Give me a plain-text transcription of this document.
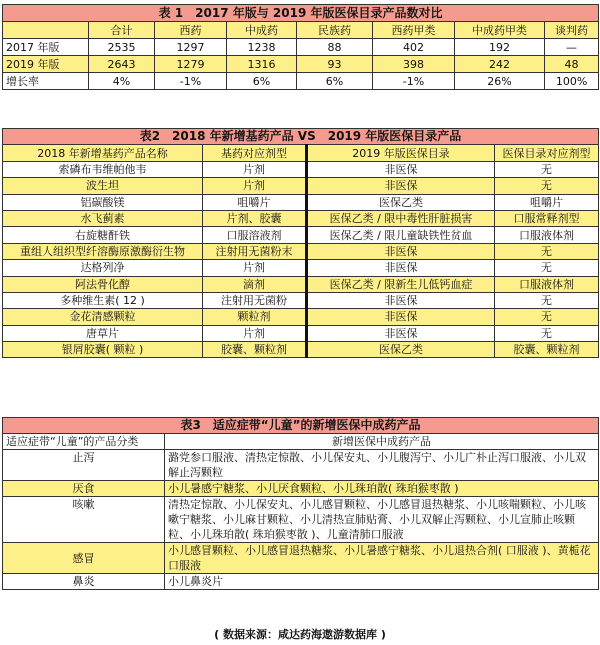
表 1　2017 年版与 2019 年版医保目录产品数对比							
	合计	西药	中成药	民族药	西药甲类	中成药甲类	谈判药
2017 年版	2535	1297	1238	88	402	192	—
2019 年版	2643	1279	1316	93	398	242	48
增长率	4%	-1%	6%	6%	-1%	26%	100%
表2　2018 年新增基药产品 VS　2019 年版医保目录产品			
2018 年新增基药产品名称	基药对应剂型	2019 年版医保目录	医保目录对应剂型
索磷布韦维帕他韦	片剂	非医保	无
波生坦	片剂	非医保	无
铝碳酸镁	咀嚼片	医保乙类	咀嚼片
水飞蓟素	片剂、胶囊	医保乙类 / 限中毒性肝脏损害	口服常释剂型
右旋糖酐铁	口服溶液剂	医保乙类 / 限儿童缺铁性贫血	口服液体剂
重组人组织型纤溶酶原激酶衍生物	注射用无菌粉末	非医保	无
达格列净	片剂	非医保	无
阿法骨化醇	滴剂	医保乙类 / 限新生儿低钙血症	口服液体剂
多种维生素( 12 )	注射用无菌粉	非医保	无
金花清感颗粒	颗粒剂	非医保	无
唐草片	片剂	非医保	无
银屑胶囊( 颗粒 )	胶囊、颗粒剂	医保乙类	胶囊、颗粒剂
表3　适应症带“儿童”的新增医保中成药产品	
适应症带“儿童”的产品分类	新增医保中成药产品
止泻	潞党参口服液、清热定惊散、小儿保安丸、小儿腹泻宁、小儿广朴止泻口服液、小儿双解止泻颗粒
厌食	小儿暑感宁糖浆、小儿厌食颗粒、小儿珠珀散( 珠珀猴枣散 )
咳嗽	清热定惊散、小儿保安丸、小儿感冒颗粒、小儿感冒退热糖浆、小儿咳喘颗粒、小儿咳嗽宁糖浆、小儿麻甘颗粒、小儿清热宣肺贴膏、小儿双解止泻颗粒、小儿宣肺止咳颗粒、小儿珠珀散( 珠珀猴枣散 )、儿童清肺口服液
感冒	小儿感冒颗粒、小儿感冒退热糖浆、小儿暑感宁糖浆、小儿退热合剂( 口服液 )、黄栀花口服液
鼻炎	小儿鼻炎片
( 数据来源：咸达药海遨游数据库 )
